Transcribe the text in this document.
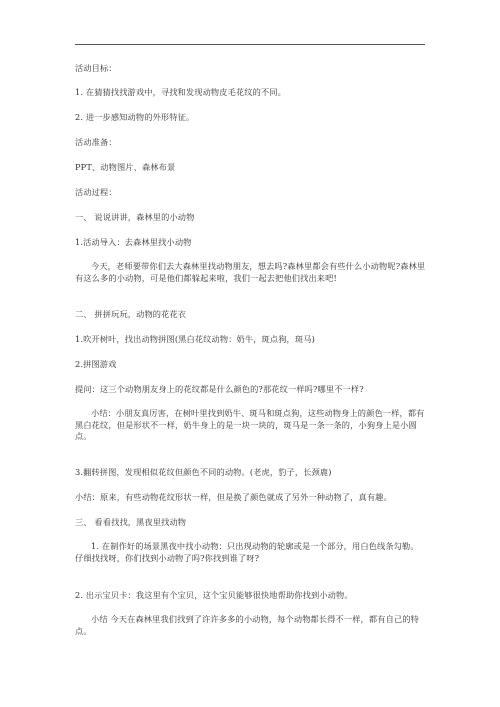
活动目标：
1. 在猜猜找找游戏中，寻找和发现动物皮毛花纹的不同。
2. 进一步感知动物的外形特征。
活动准备：
PPT、动物图片、森林布景
活动过程：
一、 说说讲讲，森林里的小动物
1.活动导入：去森林里找小动物
今天，老师要带你们去大森林里找动物朋友，想去吗?森林里都会有些什么小动物呢?森林里有这么多的小动物，可是他们都躲起来啦，我们一起去把他们找出来吧!
二、 拼拼玩玩，动物的花花衣
1.吹开树叶，找出动物拼图(黑白花纹动物：奶牛，斑点狗，斑马)
2.拼图游戏
提问：这三个动物朋友身上的花纹都是什么颜色的?那花纹一样吗?哪里不一样?
小结：小朋友真厉害，在树叶里找到奶牛、斑马和斑点狗，这些动物身上的颜色一样，都有黑白花纹，但是形状不一样，奶牛身上的是一块一块的，斑马是一条一条的，小狗身上是小圆点。
3.翻转拼图，发现相似花纹但颜色不同的动物。(老虎，豹子，长颈鹿)
小结：原来，有些动物花纹形状一样，但是换了颜色就成了另外一种动物了，真有趣。
三、 看看找找，黑夜里找动物
1. 在制作好的场景黑夜中找小动物：只出现动物的轮廓或是一个部分，用白色线条勾勒。仔细找找呀，你们找到小动物了吗?你找到谁了呀?
2. 出示宝贝卡：我这里有个宝贝，这个宝贝能够很快地帮助你找到小动物。
小结 今天在森林里我们找到了许许多多的小动物，每个动物都长得不一样，都有自己的特点。
